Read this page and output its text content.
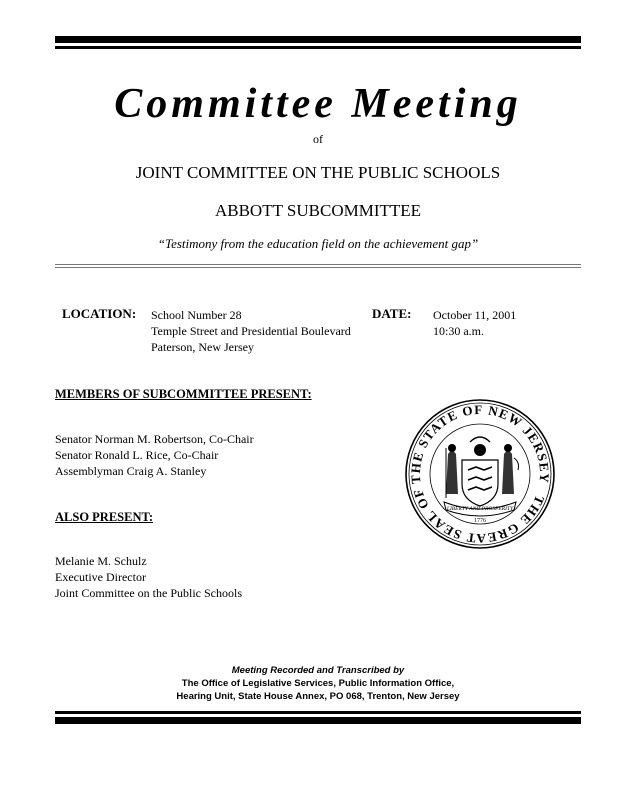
Committee Meeting
of
JOINT COMMITTEE ON THE PUBLIC SCHOOLS
ABBOTT SUBCOMMITTEE
“Testimony from the education field on the achievement gap”
LOCATION: School Number 28
Temple Street and Presidential Boulevard
Paterson, New Jersey
DATE: October 11, 2001
10:30 a.m.
MEMBERS OF SUBCOMMITTEE PRESENT:
Senator Norman M. Robertson, Co-Chair
Senator Ronald L. Rice, Co-Chair
Assemblyman Craig A. Stanley
ALSO PRESENT:
Melanie M. Schulz
Executive Director
Joint Committee on the Public Schools
THE GREAT SEAL OF THE STATE OF NEW JERSEY
LIBERTY AND PROSPERITY
1776
Meeting Recorded and Transcribed by
The Office of Legislative Services, Public Information Office,
Hearing Unit, State House Annex, PO 068, Trenton, New Jersey
